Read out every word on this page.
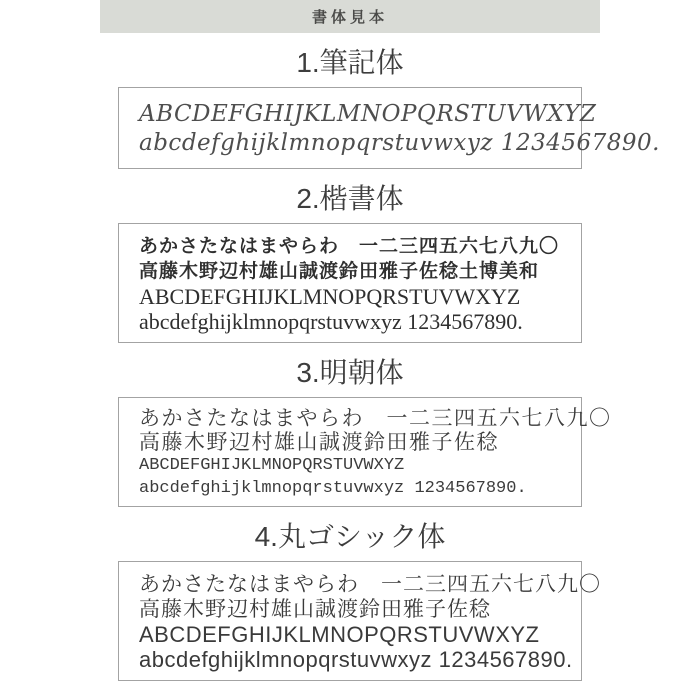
書体見本
1.筆記体
ABCDEFGHIJKLMNOPQRSTUVWXYZ
abcdefghijklmnopqrstuvwxyz 1234567890.
2.楷書体
あかさたなはまやらわ　一二三四五六七八九〇
高藤木野辺村雄山誠渡鈴田雅子佐稔土博美和
ABCDEFGHIJKLMNOPQRSTUVWXYZ
abcdefghijklmnopqrstuvwxyz 1234567890.
3.明朝体
あかさたなはまやらわ　一二三四五六七八九〇
高藤木野辺村雄山誠渡鈴田雅子佐稔
ABCDEFGHIJKLMNOPQRSTUVWXYZ
abcdefghijklmnopqrstuvwxyz 1234567890.
4.丸ゴシック体
あかさたなはまやらわ　一二三四五六七八九〇
高藤木野辺村雄山誠渡鈴田雅子佐稔
ABCDEFGHIJKLMNOPQRSTUVWXYZ
abcdefghijklmnopqrstuvwxyz 1234567890.
